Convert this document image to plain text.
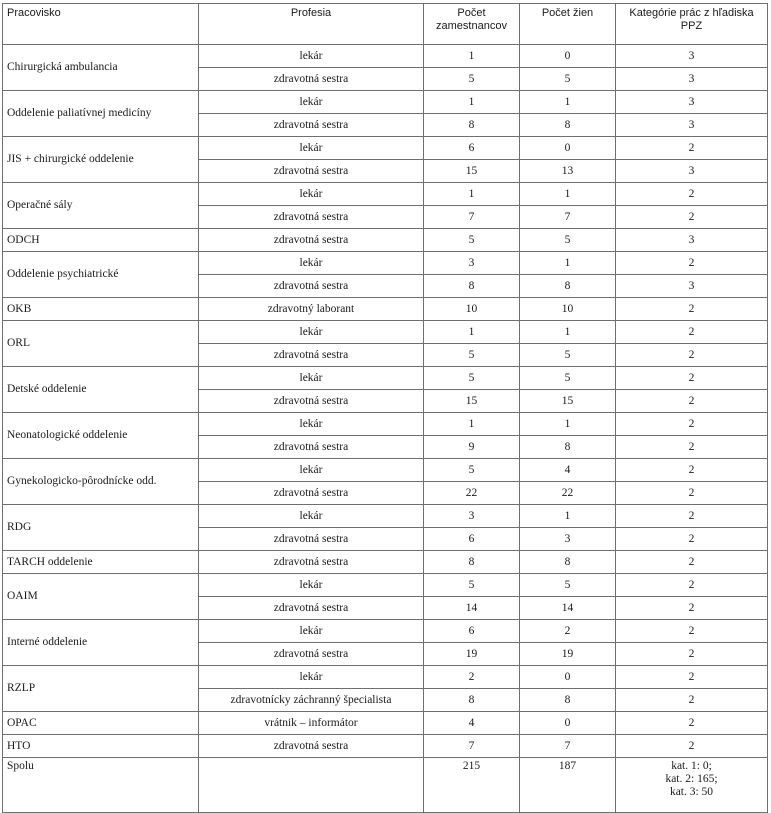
Pracovisko	Profesia	Počet zamestnancov	Počet žien	Kategórie prác z hľadiska PPZ
Chirurgická ambulancia	lekár	1	0	3
	zdravotná sestra	5	5	3
Oddelenie paliatívnej medicíny	lekár	1	1	3
	zdravotná sestra	8	8	3
JIS + chirurgické oddelenie	lekár	6	0	2
	zdravotná sestra	15	13	3
Operačné sály	lekár	1	1	2
	zdravotná sestra	7	7	2
ODCH	zdravotná sestra	5	5	3
Oddelenie psychiatrické	lekár	3	1	2
	zdravotná sestra	8	8	3
OKB	zdravotný laborant	10	10	2
ORL	lekár	1	1	2
	zdravotná sestra	5	5	2
Detské oddelenie	lekár	5	5	2
	zdravotná sestra	15	15	2
Neonatologické oddelenie	lekár	1	1	2
	zdravotná sestra	9	8	2
Gynekologicko-pôrodnícke odd.	lekár	5	4	2
	zdravotná sestra	22	22	2
RDG	lekár	3	1	2
	zdravotná sestra	6	3	2
TARCH oddelenie	zdravotná sestra	8	8	2
OAIM	lekár	5	5	2
	zdravotná sestra	14	14	2
Interné oddelenie	lekár	6	2	2
	zdravotná sestra	19	19	2
RZLP	lekár	2	0	2
	zdravotnícky záchranný špecialista	8	8	2
OPAC	vrátnik – informátor	4	0	2
HTO	zdravotná sestra	7	7	2
Spolu		215	187	kat. 1: 0;
kat. 2: 165;
kat. 3: 50
